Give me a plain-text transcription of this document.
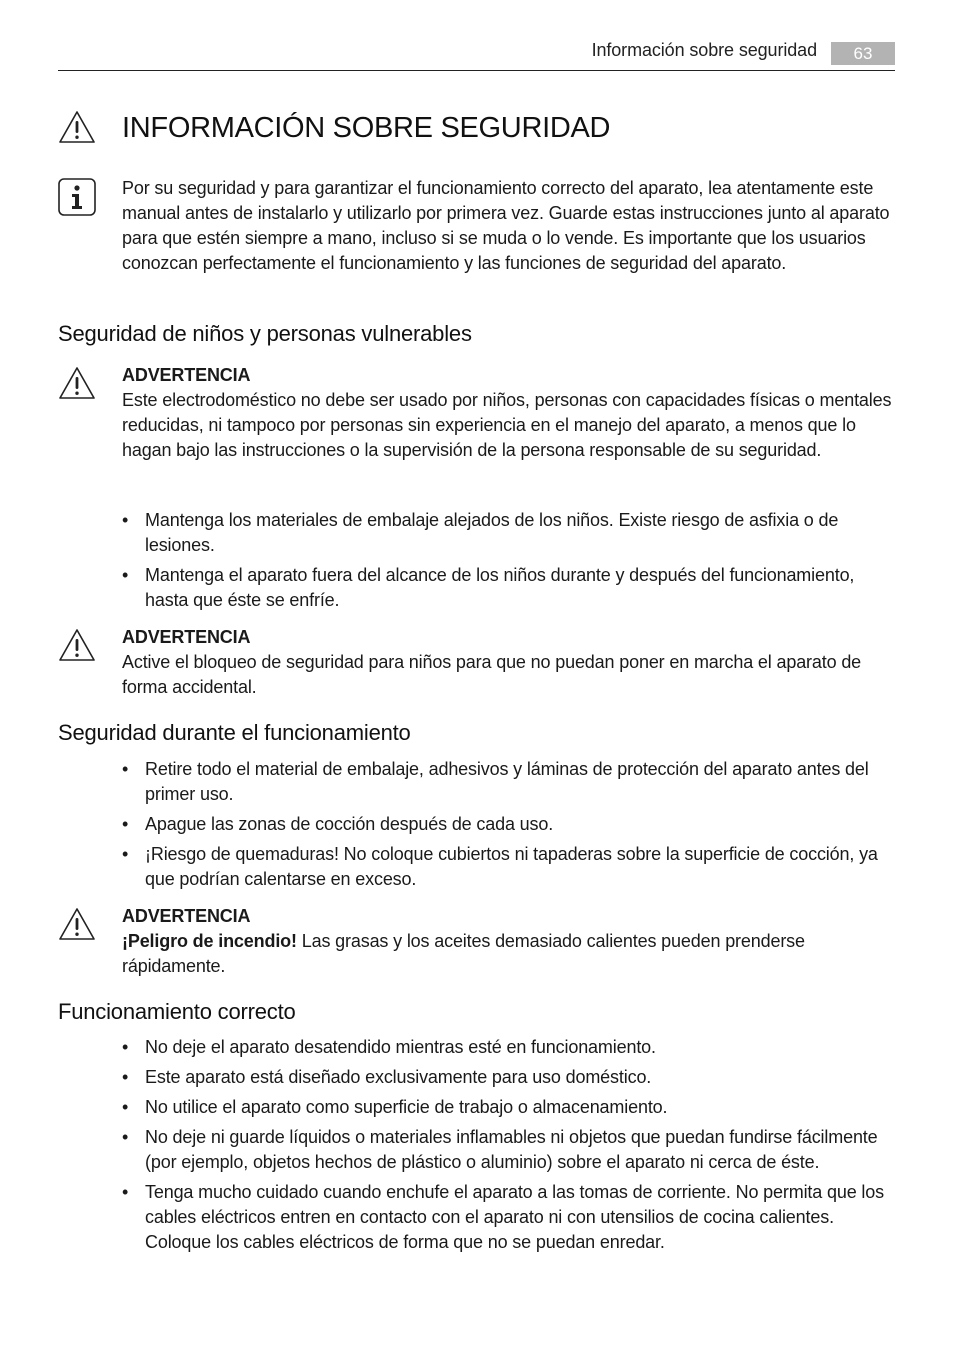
Información sobre seguridad	63
INFORMACIÓN SOBRE SEGURIDAD

Por su seguridad y para garantizar el funcionamiento correcto del aparato, lea atentamente este manual antes de instalarlo y utilizarlo por primera vez. Guarde estas instrucciones junto al aparato para que estén siempre a mano, incluso si se muda o lo vende. Es importante que los usuarios conozcan perfectamente el funcionamiento y las funciones de seguridad del aparato.

Seguridad de niños y personas vulnerables
ADVERTENCIA

Este electrodoméstico no debe ser usado por niños, personas con capacidades físicas o mentales reducidas, ni tampoco por personas sin experiencia en el manejo del aparato, a menos que lo hagan bajo las instrucciones o la supervisión de la persona responsable de su seguridad.

• Mantenga los materiales de embalaje alejados de los niños. Existe riesgo de asfixia o de lesiones.
• Mantenga el aparato fuera del alcance de los niños durante y después del funcionamiento, hasta que éste se enfríe.
ADVERTENCIA

Active el bloqueo de seguridad para niños para que no puedan poner en marcha el aparato de forma accidental.

Seguridad durante el funcionamiento
• Retire todo el material de embalaje, adhesivos y láminas de protección del aparato antes del primer uso.
• Apague las zonas de cocción después de cada uso.
• ¡Riesgo de quemaduras! No coloque cubiertos ni tapaderas sobre la superficie de cocción, ya que podrían calentarse en exceso.
ADVERTENCIA

¡Peligro de incendio! Las grasas y los aceites demasiado calientes pueden prenderse rápidamente.

Funcionamiento correcto
• No deje el aparato desatendido mientras esté en funcionamiento.
• Este aparato está diseñado exclusivamente para uso doméstico.
• No utilice el aparato como superficie de trabajo o almacenamiento.
• No deje ni guarde líquidos o materiales inflamables ni objetos que puedan fundirse fácilmente (por ejemplo, objetos hechos de plástico o aluminio) sobre el aparato ni cerca de éste.
• Tenga mucho cuidado cuando enchufe el aparato a las tomas de corriente. No permita que los cables eléctricos entren en contacto con el aparato ni con utensilios de cocina calientes. Coloque los cables eléctricos de forma que no se puedan enredar.
